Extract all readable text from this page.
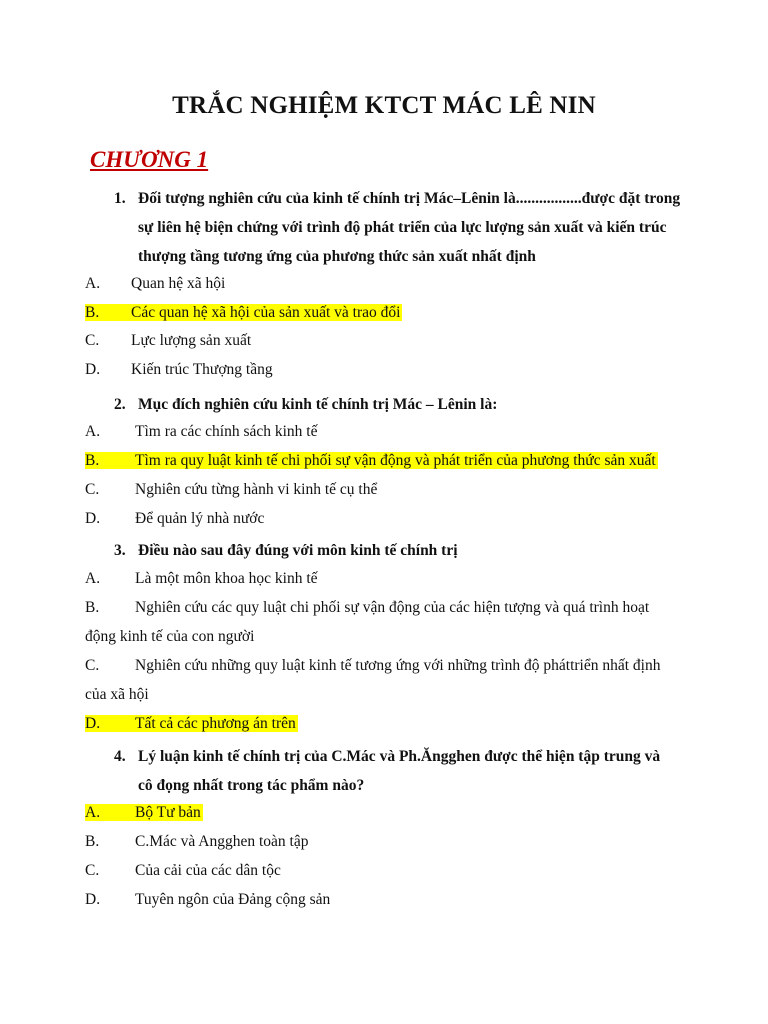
TRẮC NGHIỆM KTCT MÁC LÊ NIN
CHƯƠNG 1
1. Đối tượng nghiên cứu của kinh tế chính trị Mác–Lênin là.................được đặt trong
sự liên hệ biện chứng với trình độ phát triển của lực lượng sản xuất và kiến trúc
thượng tầng tương ứng của phương thức sản xuất nhất định
A. Quan hệ xã hội
B. Các quan hệ xã hội của sản xuất và trao đổi
C. Lực lượng sản xuất
D. Kiến trúc Thượng tầng
2. Mục đích nghiên cứu kinh tế chính trị Mác – Lênin là:
A. Tìm ra các chính sách kinh tế
B. Tìm ra quy luật kinh tế chi phối sự vận động và phát triển của phương thức sản xuất
C. Nghiên cứu từng hành vi kinh tế cụ thể
D. Để quản lý nhà nước
3. Điều nào sau đây đúng với môn kinh tế chính trị
A. Là một môn khoa học kinh tế
B. Nghiên cứu các quy luật chi phối sự vận động của các hiện tượng và quá trình hoạt
động kinh tế của con người
C. Nghiên cứu những quy luật kinh tế tương ứng với những trình độ pháttriển nhất định
của xã hội
D. Tất cả các phương án trên
4. Lý luận kinh tế chính trị của C.Mác và Ph.Ăngghen được thể hiện tập trung và
cô đọng nhất trong tác phẩm nào?
A. Bộ Tư bản
B. C.Mác và Angghen toàn tập
C. Của cải của các dân tộc
D. Tuyên ngôn của Đảng cộng sản
